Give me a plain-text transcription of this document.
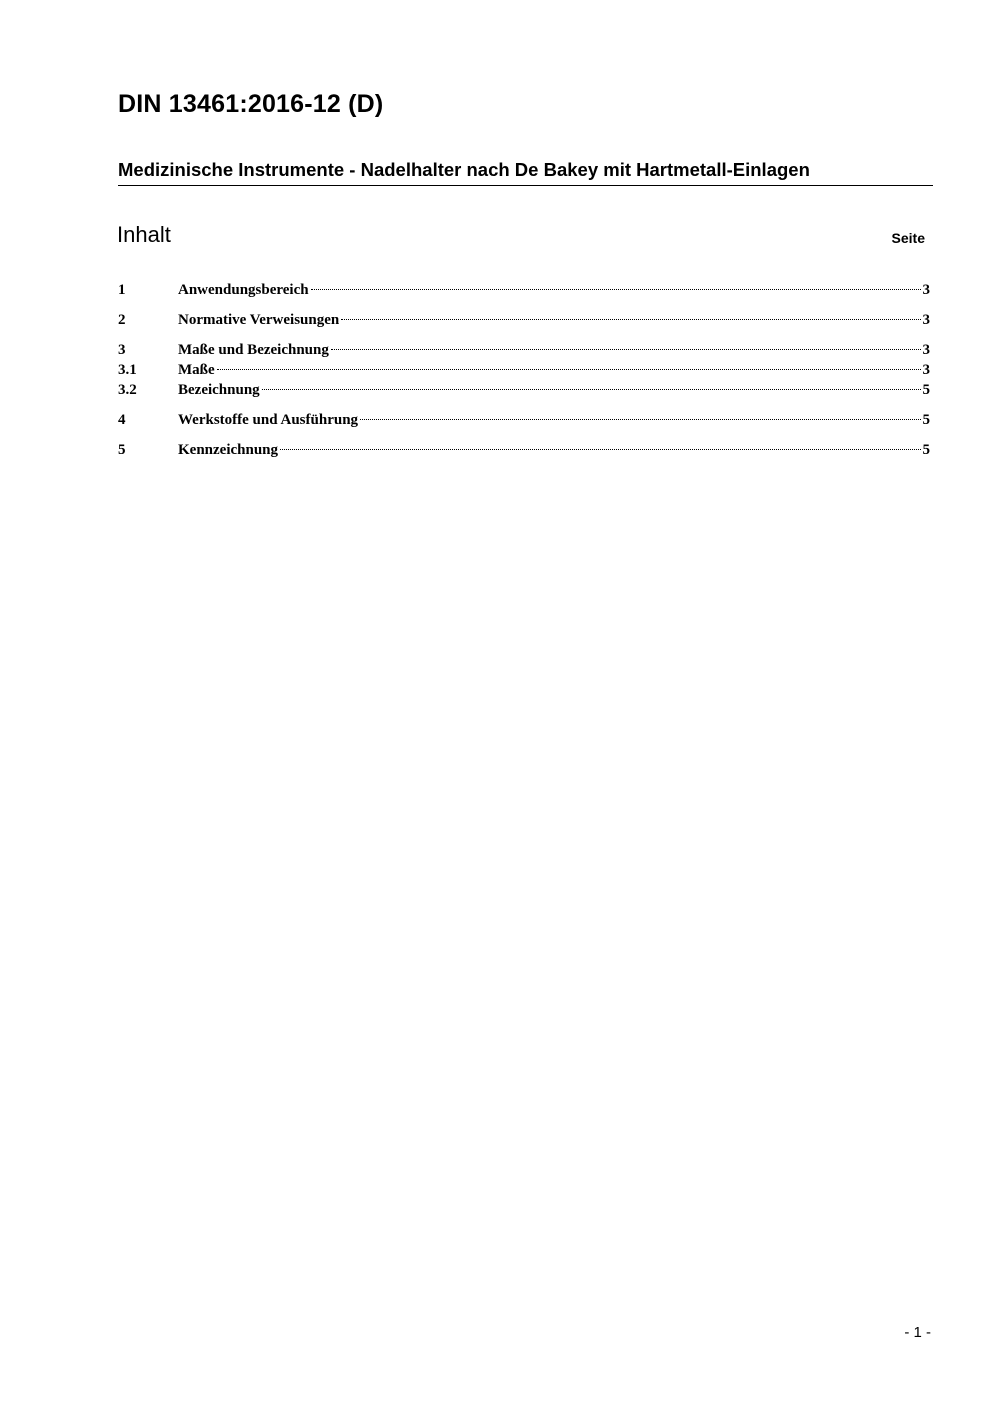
DIN 13461:2016-12 (D)
Medizinische Instrumente - Nadelhalter nach De Bakey mit Hartmetall-Einlagen
Inhalt	Seite
1	Anwendungsbereich	3
2	Normative Verweisungen	3
3	Maße und Bezeichnung	3
3.1	Maße	3
3.2	Bezeichnung	5
4	Werkstoffe und Ausführung	5
5	Kennzeichnung	5
- 1 -
